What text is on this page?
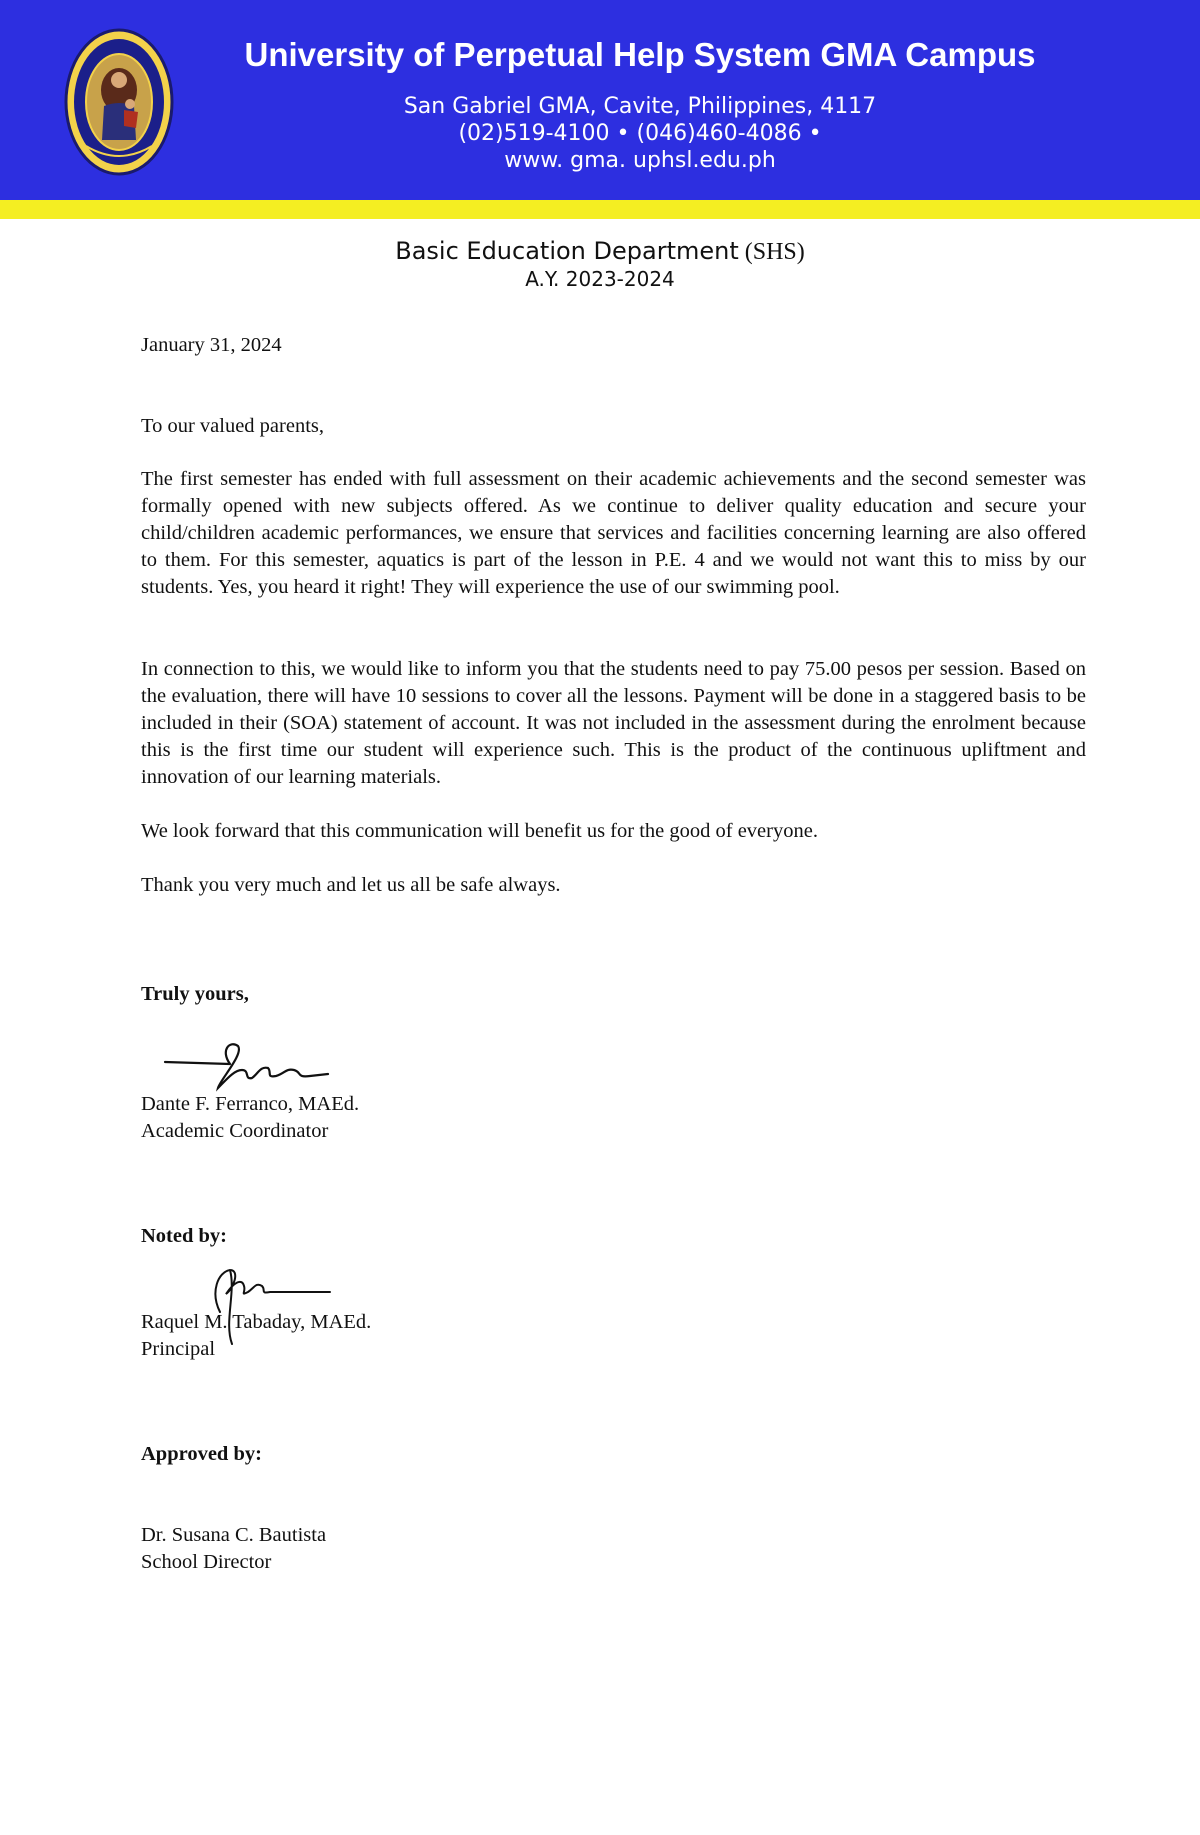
University of Perpetual Help System GMA Campus
San Gabriel GMA, Cavite, Philippines, 4117
(02)519-4100 • (046)460-4086 •
www. gma. uphsl.edu.ph
Basic Education Department (SHS)
A.Y. 2023-2024
January 31, 2024
To our valued parents,

The first semester has ended with full assessment on their academic achievements and the second semester was formally opened with new subjects offered. As we continue to deliver quality education and secure your child/children academic performances, we ensure that services and facilities concerning learning are also offered to them. For this semester, aquatics is part of the lesson in P.E. 4 and we would not want this to miss by our students. Yes, you heard it right! They will experience the use of our swimming pool.

In connection to this, we would like to inform you that the students need to pay 75.00 pesos per session. Based on the evaluation, there will have 10 sessions to cover all the lessons. Payment will be done in a staggered basis to be included in their (SOA) statement of account. It was not included in the assessment during the enrolment because this is the first time our student will experience such. This is the product of the continuous upliftment and innovation of our learning materials.

We look forward that this communication will benefit us for the good of everyone.

Thank you very much and let us all be safe always.

Truly yours,
Dante F. Ferranco, MAEd.
Academic Coordinator
Noted by:
Raquel M. Tabaday, MAEd.
Principal
Approved by:
Dr. Susana C. Bautista
School Director
